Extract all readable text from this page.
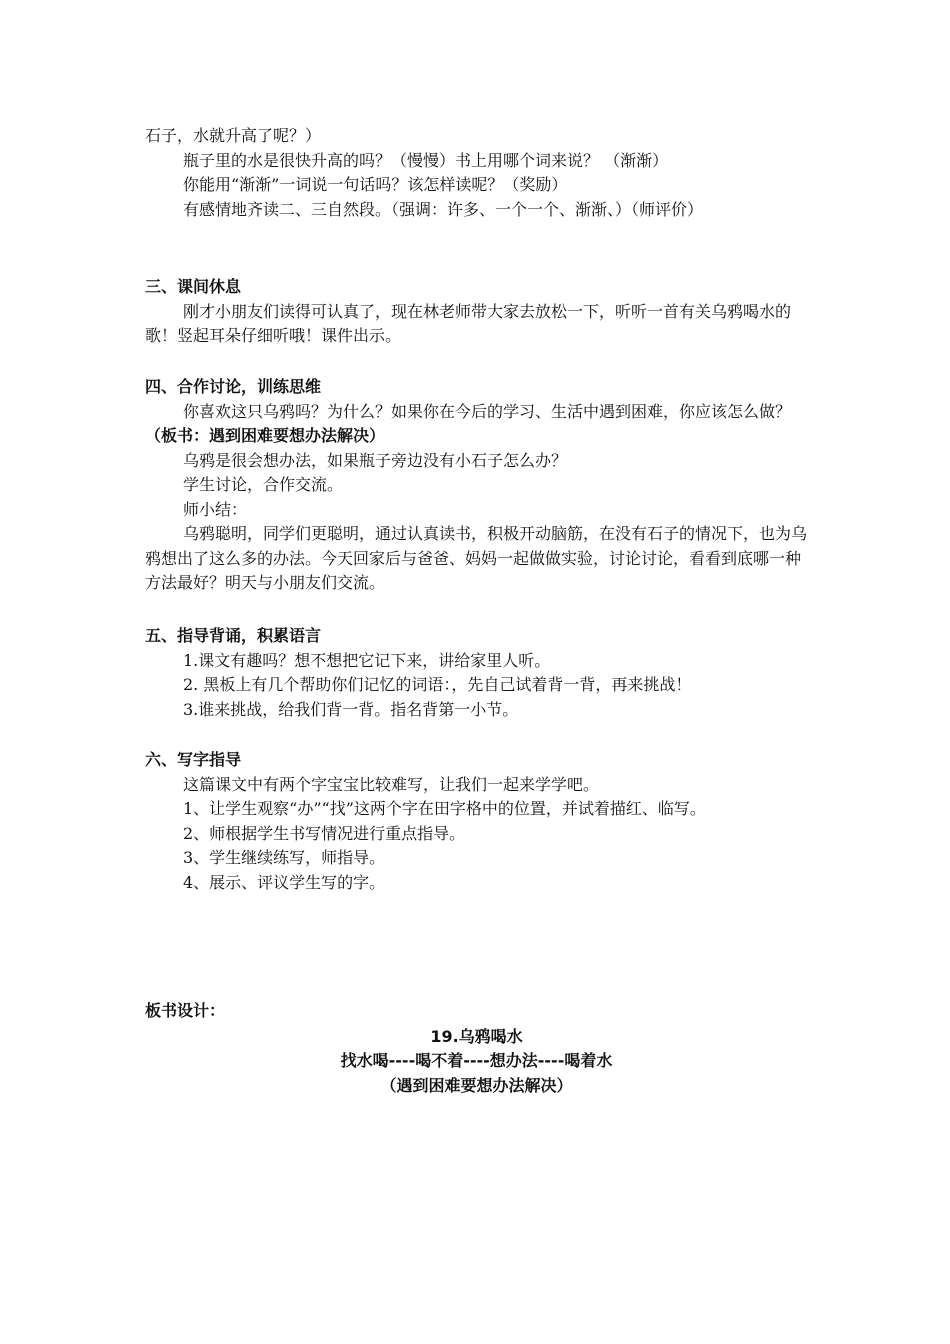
石子，水就升高了呢？）

瓶子里的水是很快升高的吗？（慢慢）书上用哪个词来说？ （渐渐）

你能用“渐渐”一词说一句话吗？该怎样读呢？（奖励）

有感情地齐读二、三自然段。（强调：许多、一个一个、渐渐、）（师评价）

三、课间休息

刚才小朋友们读得可认真了，现在林老师带大家去放松一下，听听一首有关乌鸦喝水的歌！竖起耳朵仔细听哦！课件出示。

四、合作讨论，训练思维

你喜欢这只乌鸦吗？为什么？如果你在今后的学习、生活中遇到困难，你应该怎么做？（板书：遇到困难要想办法解决）

乌鸦是很会想办法，如果瓶子旁边没有小石子怎么办？

学生讨论，合作交流。

师小结：

乌鸦聪明，同学们更聪明，通过认真读书，积极开动脑筋，在没有石子的情况下，也为乌鸦想出了这么多的办法。今天回家后与爸爸、妈妈一起做做实验，讨论讨论，看看到底哪一种方法最好？明天与小朋友们交流。

五、指导背诵，积累语言

1.课文有趣吗？想不想把它记下来，讲给家里人听。

2. 黑板上有几个帮助你们记忆的词语：，先自己试着背一背，再来挑战！

3.谁来挑战，给我们背一背。指名背第一小节。

六、写字指导

这篇课文中有两个字宝宝比较难写，让我们一起来学学吧。

1、让学生观察“办”“找”这两个字在田字格中的位置，并试着描红、临写。

2、师根据学生书写情况进行重点指导。

3、学生继续练写，师指导。

4、展示、评议学生写的字。

板书设计：

19.乌鸦喝水

找水喝----喝不着----想办法----喝着水

（遇到困难要想办法解决）
